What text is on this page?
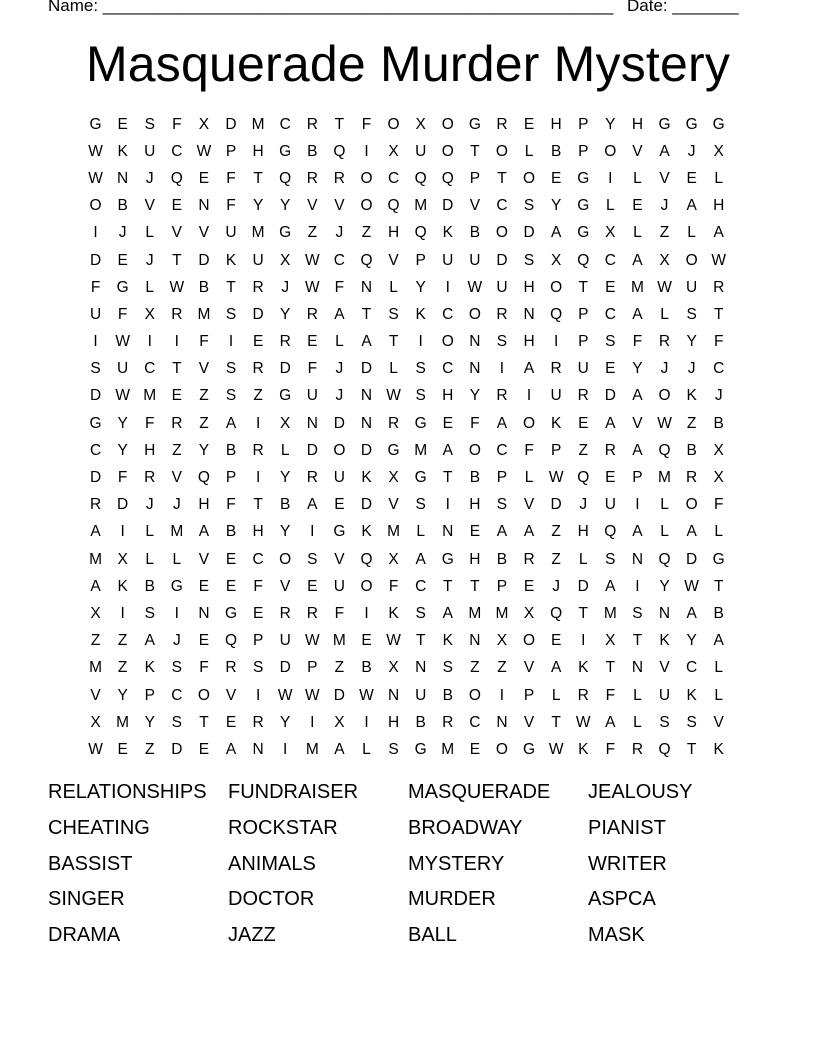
Name: ______________________________________________________

Date: _______

Masquerade Murder Mystery
G	E	S	F	X	D M C	R	T	F	O	X	O G R	E	H	P	Y	H G G G
W K	U	C W P	H G	B	Q	I	X	U O	T	O	L	B	P	O	V	A	J	X
W N	J	Q	E	F	T	Q R	R O C Q Q	P	T	O	E	G	I	L	V	E	L
O	B	V	E	N	F	Y	Y	V	V	O Q M D	V	C	S	Y	G	L	E	J	A	H
I	J	L	V	V	U M G	Z	J	Z	H Q	K	B	O D	A	G	X	L	Z	L	A
D	E	J	T	D	K	U	X W C Q	V	P	U	U	D	S	X	Q C	A	X	O W
F	G	L W B	T	R	J	W F	N	L	Y	I	W U	H O	T	E M W U	R
U	F	X	R M S	D	Y	R	A	T	S	K	C O R	N Q	P	C	A	L	S	T
I	W	I	I	F	I	E	R	E	L	A	T	I	O N	S	H	I	P	S	F	R	Y	F
S	U	C	T	V	S	R	D	F	J	D	L	S	C	N	I	A	R	U	E	Y	J	J	C
D W M E	Z	S	Z	G U	J	N W S	H	Y	R	I	U	R	D	A	O	K	J
G	Y	F	R	Z	A	I	X	N	D	N	R G	E	F	A	O	K	E	A	V W Z	B
C	Y	H	Z	Y	B	R	L	D O D G M A	O C	F	P	Z	R	A	Q	B	X
D	F	R	V	Q	P	I	Y	R	U	K	X	G	T	B	P	L W Q	E	P M R	X
R	D	J	J	H	F	T	B	A	E	D	V	S	I	H	S	V	D	J	U	I	L	O	F
A	I	L	M A	B	H	Y	I	G	K M	L	N	E	A	A	Z	H Q	A	L	A	L
M X	L	L	V	E	C O	S	V	Q	X	A	G H	B	R	Z	L	S	N Q D G
A	K	B	G	E	E	F	V	E	U O	F	C	T	T	P	E	J	D	A	I	Y W T
X	I	S	I	N G	E	R	R	F	I	K	S	A M M X	Q	T	M S	N	A	B
Z	Z	A	J	E	Q	P	U W M E W T	K	N	X	O	E	I	X	T	K	Y	A
M	Z	K	S	F	R	S	D	P	Z	B	X	N	S	Z	Z	V	A	K	T	N	V	C	L
V	Y	P	C O	V	I	W W D W N	U	B	O	I	P	L	R	F	L	U	K	L
X M Y	S	T	E	R	Y	I	X	I	H	B	R	C	N	V	T W A	L	S	S	V
W E	Z	D	E	A	N	I	M A	L	S	G M E	O G W K	F	R Q	T	K
RELATIONSHIPS	FUNDRAISER	MASQUERADE	JEALOUSY
CHEATING	ROCKSTAR	BROADWAY	PIANIST
BASSIST	ANIMALS	MYSTERY	WRITER
SINGER	DOCTOR	MURDER	ASPCA
DRAMA	JAZZ	BALL	MASK
